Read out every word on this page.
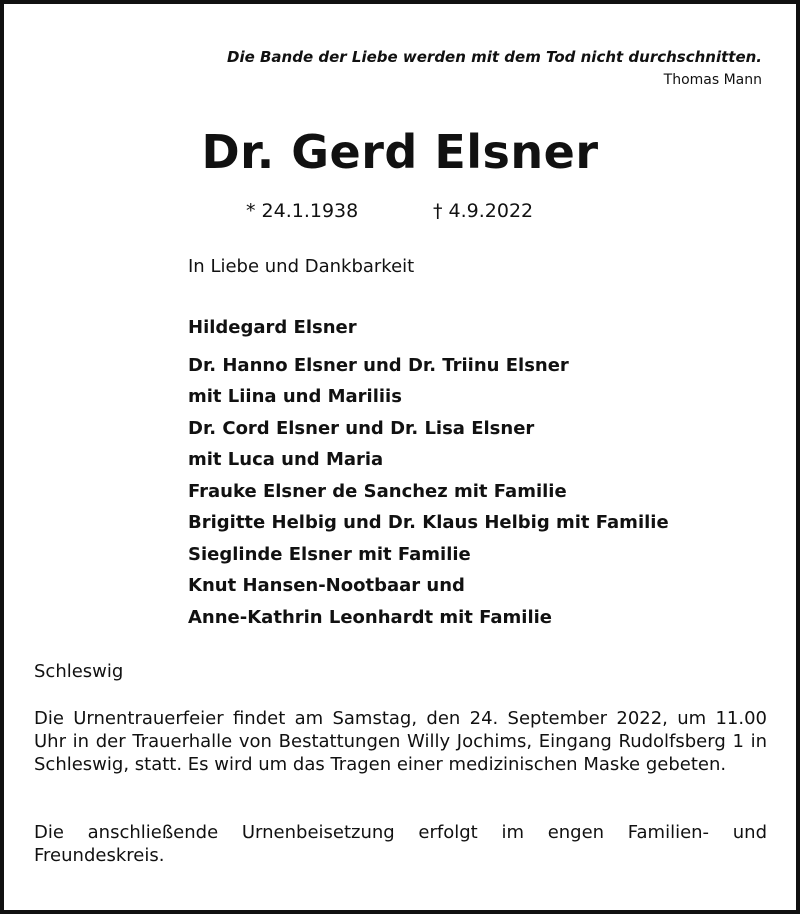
Die Bande der Liebe werden mit dem Tod nicht durchschnitten.
Thomas Mann
Dr. Gerd Elsner
* 24.1.1938	† 4.9.2022
In Liebe und Dankbarkeit
Hildegard Elsner
Dr. Hanno Elsner und Dr. Triinu Elsner
mit Liina und Mariliis
Dr. Cord Elsner und Dr. Lisa Elsner
mit Luca und Maria
Frauke Elsner de Sanchez mit Familie
Brigitte Helbig und Dr. Klaus Helbig mit Familie
Sieglinde Elsner mit Familie
Knut Hansen-Nootbaar und
Anne-Kathrin Leonhardt mit Familie
Schleswig
Die Urnentrauerfeier findet am Samstag, den 24. September 2022, um 11.00 Uhr in der Trauerhalle von Bestattungen Willy Jochims, Eingang Rudolfsberg 1 in Schleswig, statt. Es wird um das Tragen einer medizinischen Maske gebeten.
Die anschließende Urnenbeisetzung erfolgt im engen Familien- und Freundeskreis.
